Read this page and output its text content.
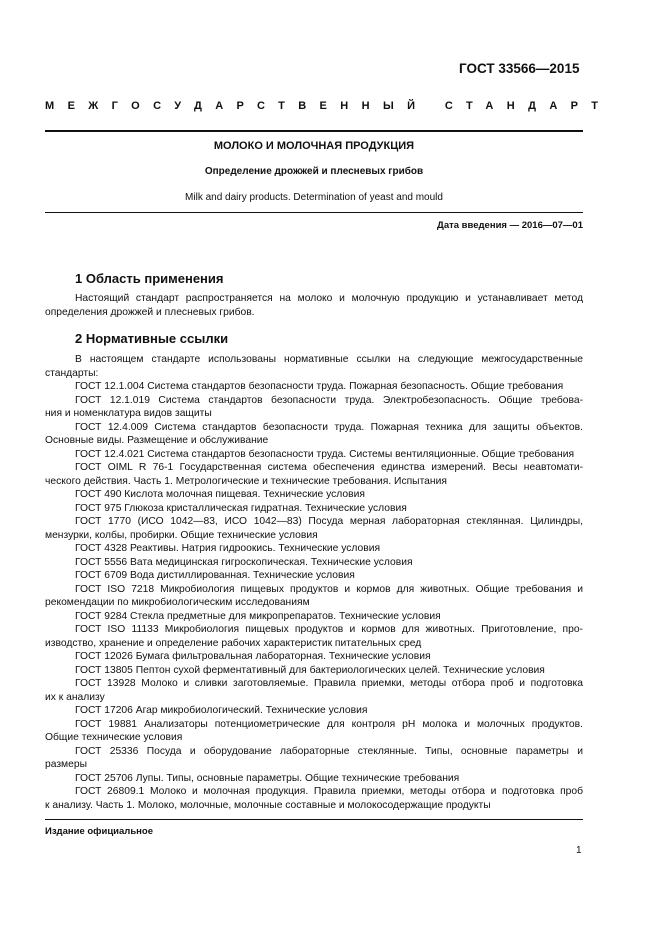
ГОСТ 33566—2015
МЕЖГОСУДАРСТВЕННЫЙ СТАНДАРТ
МОЛОКО И МОЛОЧНАЯ ПРОДУКЦИЯ
Определение дрожжей и плесневых грибов
Milk and dairy products. Determination of yeast and mould
Дата введения — 2016—07—01
1 Область применения
Настоящий стандарт распространяется на молоко и молочную продукцию и устанавливает метод
определения дрожжей и плесневых грибов.
2 Нормативные ссылки
В настоящем стандарте использованы нормативные ссылки на следующие межгосударственные
стандарты:
ГОСТ 12.1.004 Система стандартов безопасности труда. Пожарная безопасность. Общие требования
ГОСТ 12.1.019 Система стандартов безопасности труда. Электробезопасность. Общие требова-
ния и номенклатура видов защиты
ГОСТ 12.4.009 Система стандартов безопасности труда. Пожарная техника для защиты объектов.
Основные виды. Размещение и обслуживание
ГОСТ 12.4.021 Система стандартов безопасности труда. Системы вентиляционные. Общие требования
ГОСТ OIML R 76-1 Государственная система обеспечения единства измерений. Весы неавтомати-
ческого действия. Часть 1. Метрологические и технические требования. Испытания
ГОСТ 490 Кислота молочная пищевая. Технические условия
ГОСТ 975 Глюкоза кристаллическая гидратная. Технические условия
ГОСТ 1770 (ИСО 1042—83, ИСО 1042—83) Посуда мерная лабораторная стеклянная. Цилиндры,
мензурки, колбы, пробирки. Общие технические условия
ГОСТ 4328 Реактивы. Натрия гидроокись. Технические условия
ГОСТ 5556 Вата медицинская гигроскопическая. Технические условия
ГОСТ 6709 Вода дистиллированная. Технические условия
ГОСТ ISO 7218 Микробиология пищевых продуктов и кормов для животных. Общие требования и
рекомендации по микробиологическим исследованиям
ГОСТ 9284 Стекла предметные для микропрепаратов. Технические условия
ГОСТ ISO 11133 Микробиология пищевых продуктов и кормов для животных. Приготовление, про-
изводство, хранение и определение рабочих характеристик питательных сред
ГОСТ 12026 Бумага фильтровальная лабораторная. Технические условия
ГОСТ 13805 Пептон сухой ферментативный для бактериологических целей. Технические условия
ГОСТ 13928 Молоко и сливки заготовляемые. Правила приемки, методы отбора проб и подготовка
их к анализу
ГОСТ 17206 Агар микробиологический. Технические условия
ГОСТ 19881 Анализаторы потенциометрические для контроля pH молока и молочных продуктов.
Общие технические условия
ГОСТ 25336 Посуда и оборудование лабораторные стеклянные. Типы, основные параметры и
размеры
ГОСТ 25706 Лупы. Типы, основные параметры. Общие технические требования
ГОСТ 26809.1 Молоко и молочная продукция. Правила приемки, методы отбора и подготовка проб
к анализу. Часть 1. Молоко, молочные, молочные составные и молокосодержащие продукты
Издание официальное
1
